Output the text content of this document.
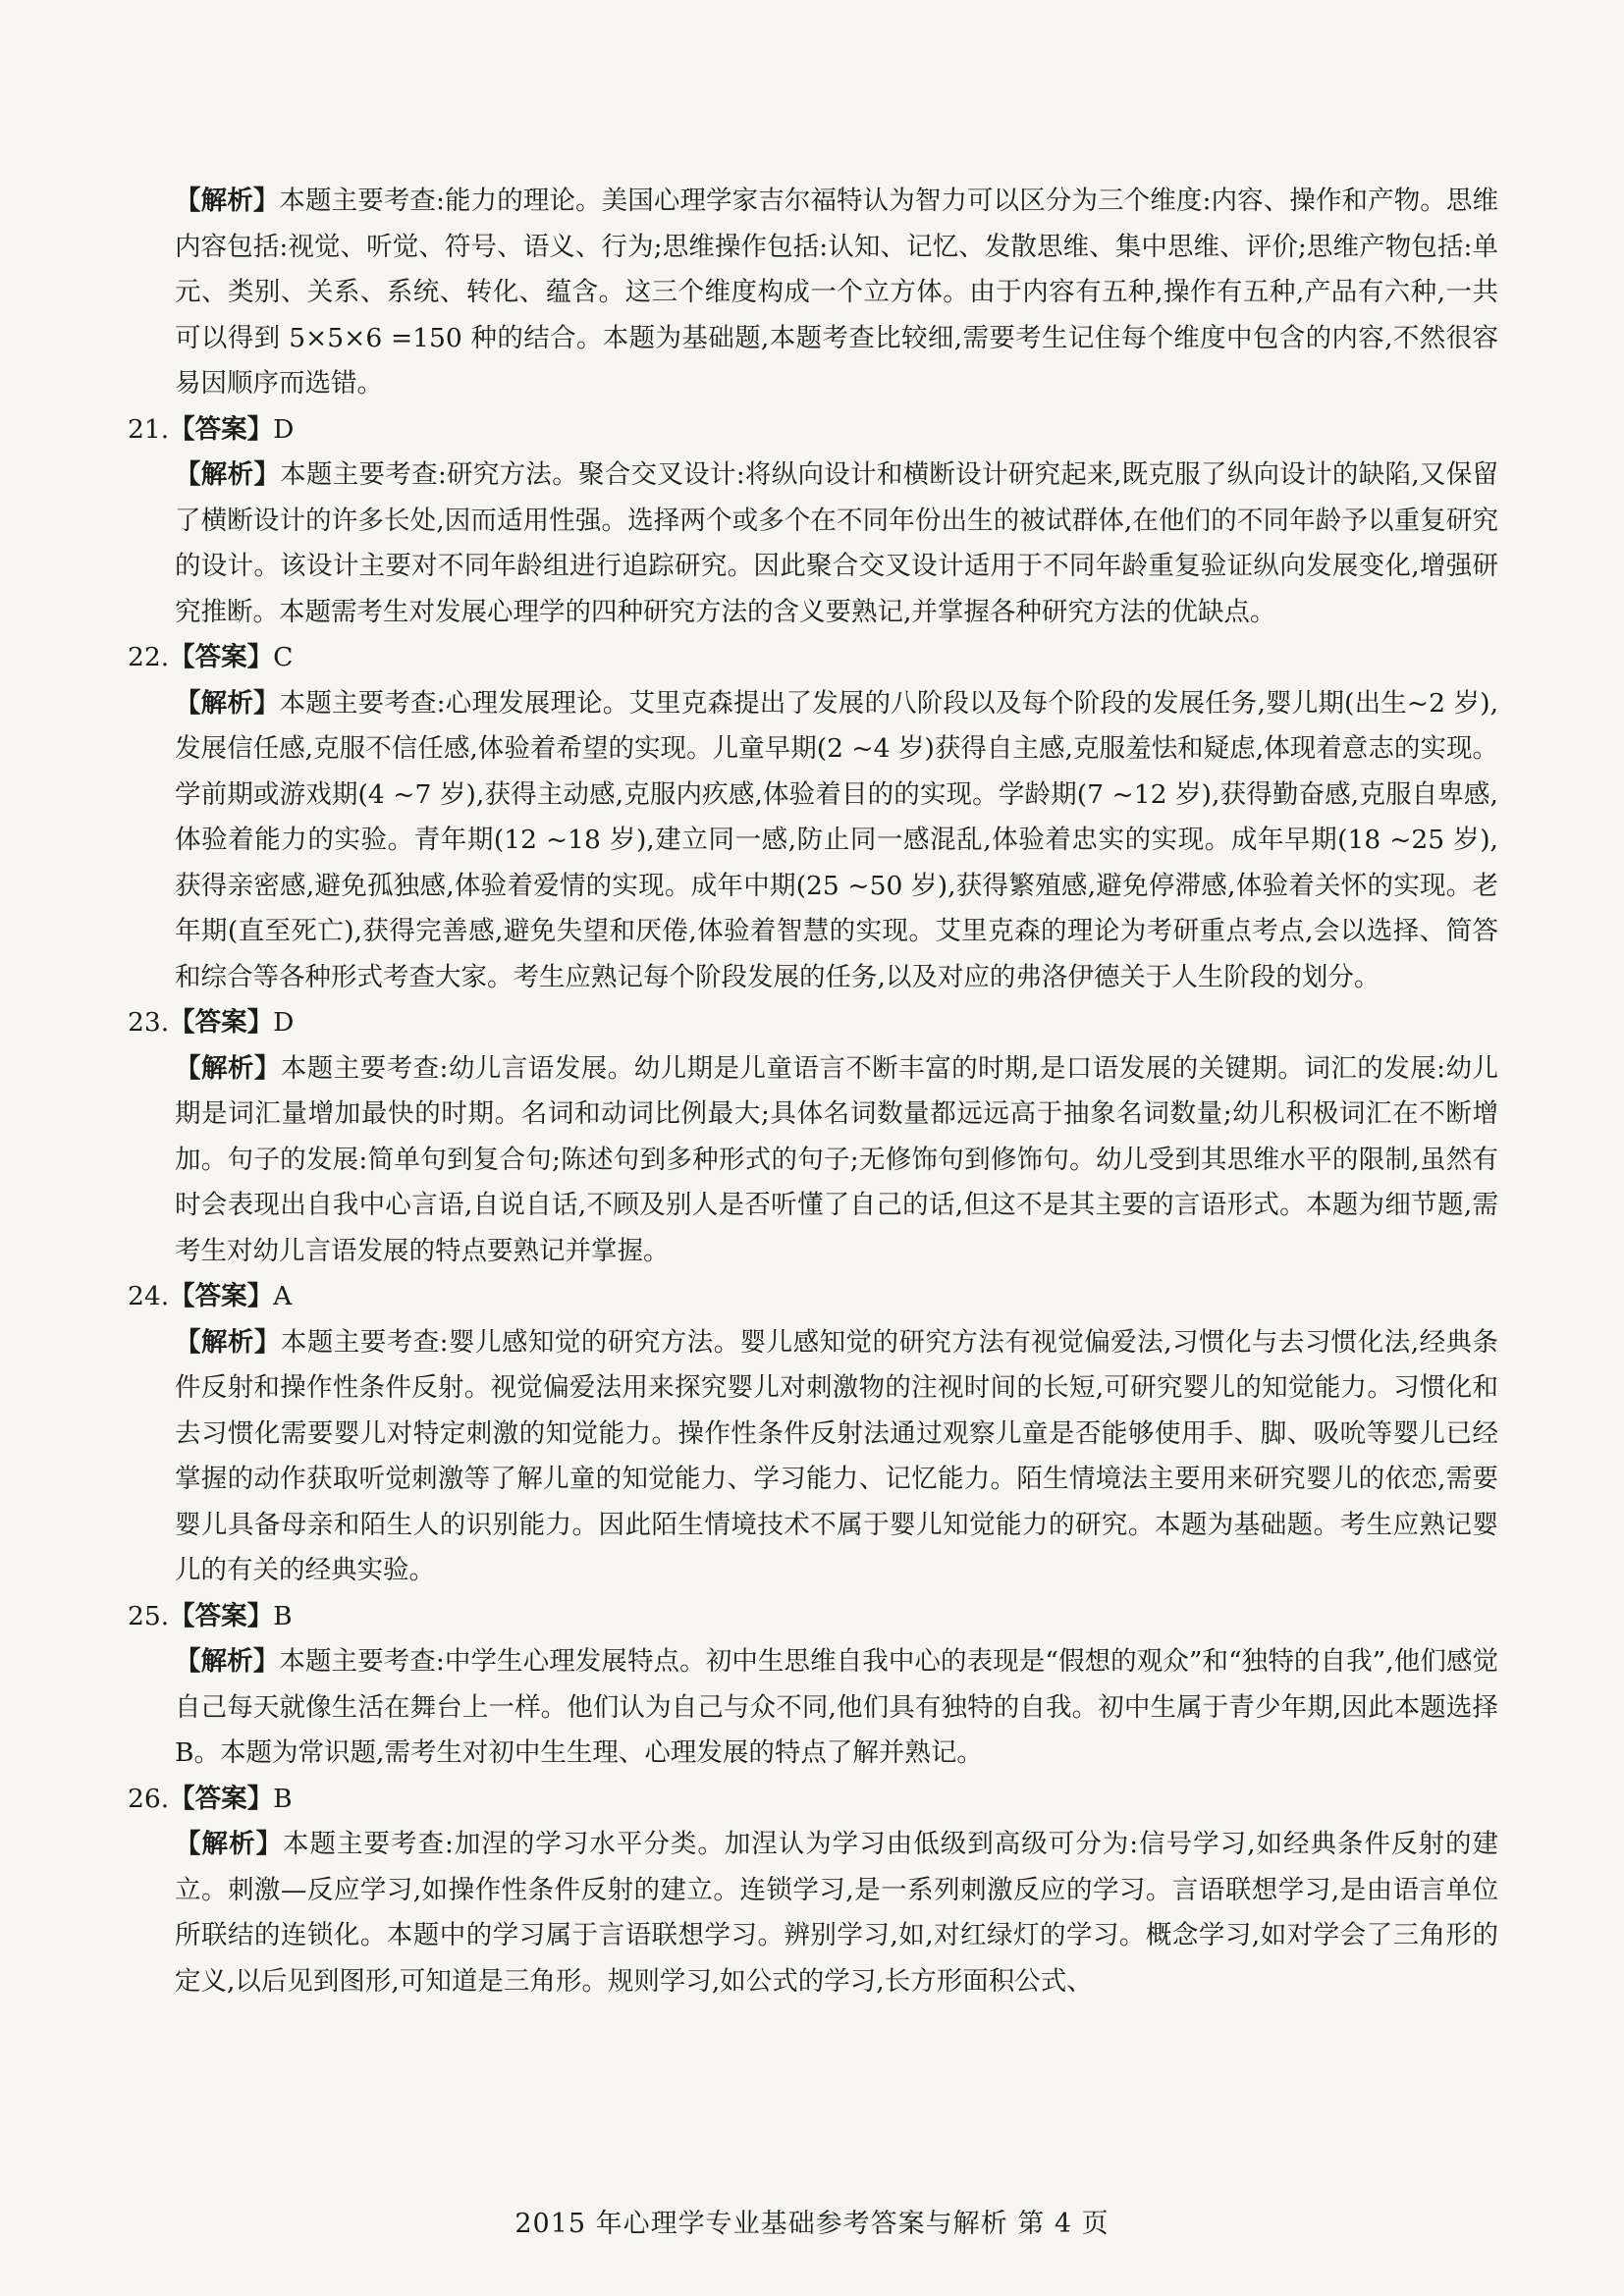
【解析】本题主要考查:能力的理论。美国心理学家吉尔福特认为智力可以区分为三个维度:内容、操作和产物。思维内容包括:视觉、听觉、符号、语义、行为;思维操作包括:认知、记忆、发散思维、集中思维、评价;思维产物包括:单元、类别、关系、系统、转化、蕴含。这三个维度构成一个立方体。由于内容有五种,操作有五种,产品有六种,一共可以得到 5×5×6 =150 种的结合。本题为基础题,本题考查比较细,需要考生记住每个维度中包含的内容,不然很容易因顺序而选错。

21.【答案】D

【解析】本题主要考查:研究方法。聚合交叉设计:将纵向设计和横断设计研究起来,既克服了纵向设计的缺陷,又保留了横断设计的许多长处,因而适用性强。选择两个或多个在不同年份出生的被试群体,在他们的不同年龄予以重复研究的设计。该设计主要对不同年龄组进行追踪研究。因此聚合交叉设计适用于不同年龄重复验证纵向发展变化,增强研究推断。本题需考生对发展心理学的四种研究方法的含义要熟记,并掌握各种研究方法的优缺点。

22.【答案】C

【解析】本题主要考查:心理发展理论。艾里克森提出了发展的八阶段以及每个阶段的发展任务,婴儿期(出生~2 岁),发展信任感,克服不信任感,体验着希望的实现。儿童早期(2 ~4 岁)获得自主感,克服羞怯和疑虑,体现着意志的实现。学前期或游戏期(4 ~7 岁),获得主动感,克服内疚感,体验着目的的实现。学龄期(7 ~12 岁),获得勤奋感,克服自卑感,体验着能力的实验。青年期(12 ~18 岁),建立同一感,防止同一感混乱,体验着忠实的实现。成年早期(18 ~25 岁),获得亲密感,避免孤独感,体验着爱情的实现。成年中期(25 ~50 岁),获得繁殖感,避免停滞感,体验着关怀的实现。老年期(直至死亡),获得完善感,避免失望和厌倦,体验着智慧的实现。艾里克森的理论为考研重点考点,会以选择、简答和综合等各种形式考查大家。考生应熟记每个阶段发展的任务,以及对应的弗洛伊德关于人生阶段的划分。

23.【答案】D

【解析】本题主要考查:幼儿言语发展。幼儿期是儿童语言不断丰富的时期,是口语发展的关键期。词汇的发展:幼儿期是词汇量增加最快的时期。名词和动词比例最大;具体名词数量都远远高于抽象名词数量;幼儿积极词汇在不断增加。句子的发展:简单句到复合句;陈述句到多种形式的句子;无修饰句到修饰句。幼儿受到其思维水平的限制,虽然有时会表现出自我中心言语,自说自话,不顾及别人是否听懂了自己的话,但这不是其主要的言语形式。本题为细节题,需考生对幼儿言语发展的特点要熟记并掌握。

24.【答案】A

【解析】本题主要考查:婴儿感知觉的研究方法。婴儿感知觉的研究方法有视觉偏爱法,习惯化与去习惯化法,经典条件反射和操作性条件反射。视觉偏爱法用来探究婴儿对刺激物的注视时间的长短,可研究婴儿的知觉能力。习惯化和去习惯化需要婴儿对特定刺激的知觉能力。操作性条件反射法通过观察儿童是否能够使用手、脚、吸吮等婴儿已经掌握的动作获取听觉刺激等了解儿童的知觉能力、学习能力、记忆能力。陌生情境法主要用来研究婴儿的依恋,需要婴儿具备母亲和陌生人的识别能力。因此陌生情境技术不属于婴儿知觉能力的研究。本题为基础题。考生应熟记婴儿的有关的经典实验。

25.【答案】B

【解析】本题主要考查:中学生心理发展特点。初中生思维自我中心的表现是“假想的观众”和“独特的自我”,他们感觉自己每天就像生活在舞台上一样。他们认为自己与众不同,他们具有独特的自我。初中生属于青少年期,因此本题选择 B。本题为常识题,需考生对初中生生理、心理发展的特点了解并熟记。

26.【答案】B

【解析】本题主要考查:加涅的学习水平分类。加涅认为学习由低级到高级可分为:信号学习,如经典条件反射的建立。刺激—反应学习,如操作性条件反射的建立。连锁学习,是一系列刺激反应的学习。言语联想学习,是由语言单位所联结的连锁化。本题中的学习属于言语联想学习。辨别学习,如,对红绿灯的学习。概念学习,如对学会了三角形的定义,以后见到图形,可知道是三角形。规则学习,如公式的学习,长方形面积公式、

2015 年心理学专业基础参考答案与解析 第 4 页
